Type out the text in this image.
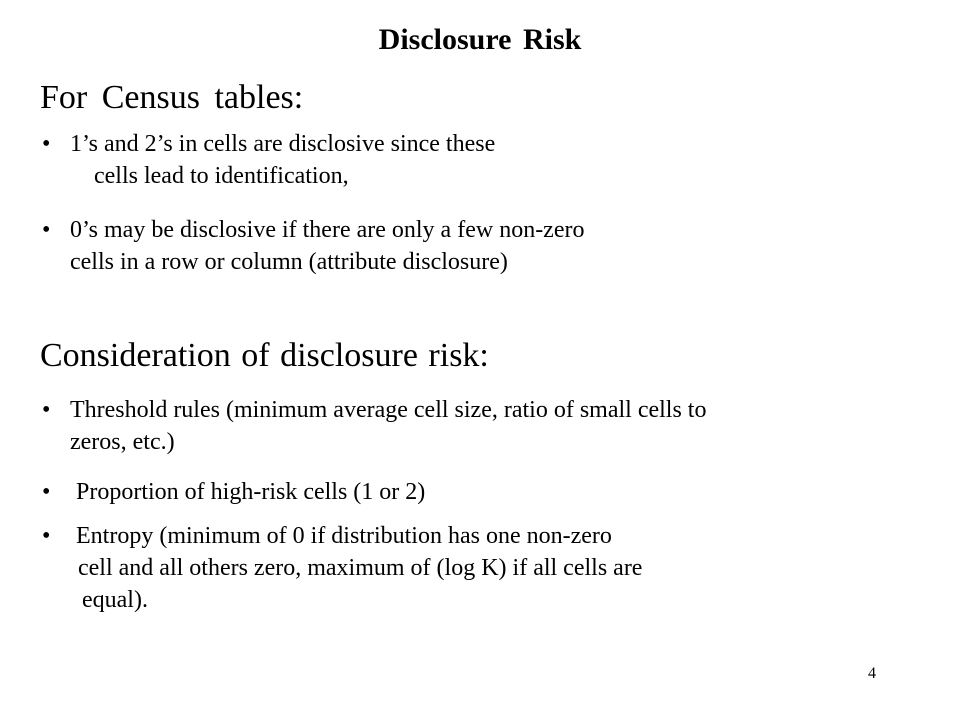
Disclosure Risk
For Census tables:
• 1’s and 2’s in cells are disclosive since these
cells lead to identification,
• 0’s may be disclosive if there are only a few non-zero
cells in a row or column (attribute disclosure)
Consideration of disclosure risk:
• Threshold rules (minimum average cell size, ratio of small cells to
zeros, etc.)
•	Proportion of high-risk cells (1 or 2)
•	Entropy (minimum of 0 if distribution has one non-zero
cell and all others zero, maximum of (log K) if all cells are
equal).
4
